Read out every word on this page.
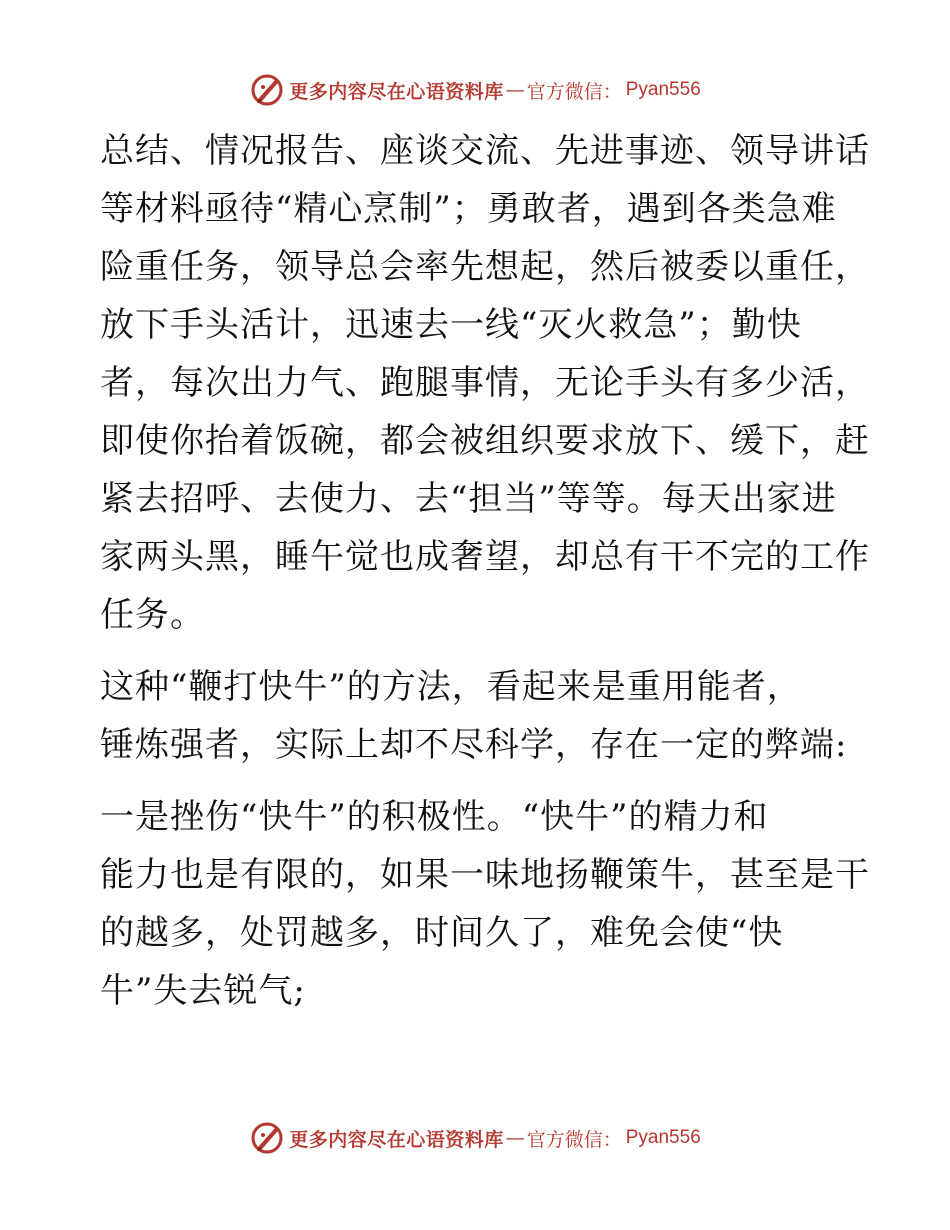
更多内容尽在心语资料库 — 官方微信： Pyan556
总结、情况报告、座谈交流、先进事迹、领导讲话
等材料亟待“精心烹制”；勇敢者，遇到各类急难
险重任务，领导总会率先想起，然后被委以重任，
放下手头活计，迅速去一线“灭火救急”；勤快
者，每次出力气、跑腿事情，无论手头有多少活，
即使你抬着饭碗，都会被组织要求放下、缓下，赶
紧去招呼、去使力、去“担当”等等。每天出家进
家两头黑，睡午觉也成奢望，却总有干不完的工作
任务。
这种“鞭打快牛”的方法，看起来是重用能者，
锤炼强者，实际上却不尽科学，存在一定的弊端:
一是挫伤“快牛”的积极性。“快牛”的精力和
能力也是有限的，如果一味地扬鞭策牛，甚至是干
的越多，处罚越多，时间久了，难免会使“快
牛”失去锐气;
更多内容尽在心语资料库 — 官方微信： Pyan556
